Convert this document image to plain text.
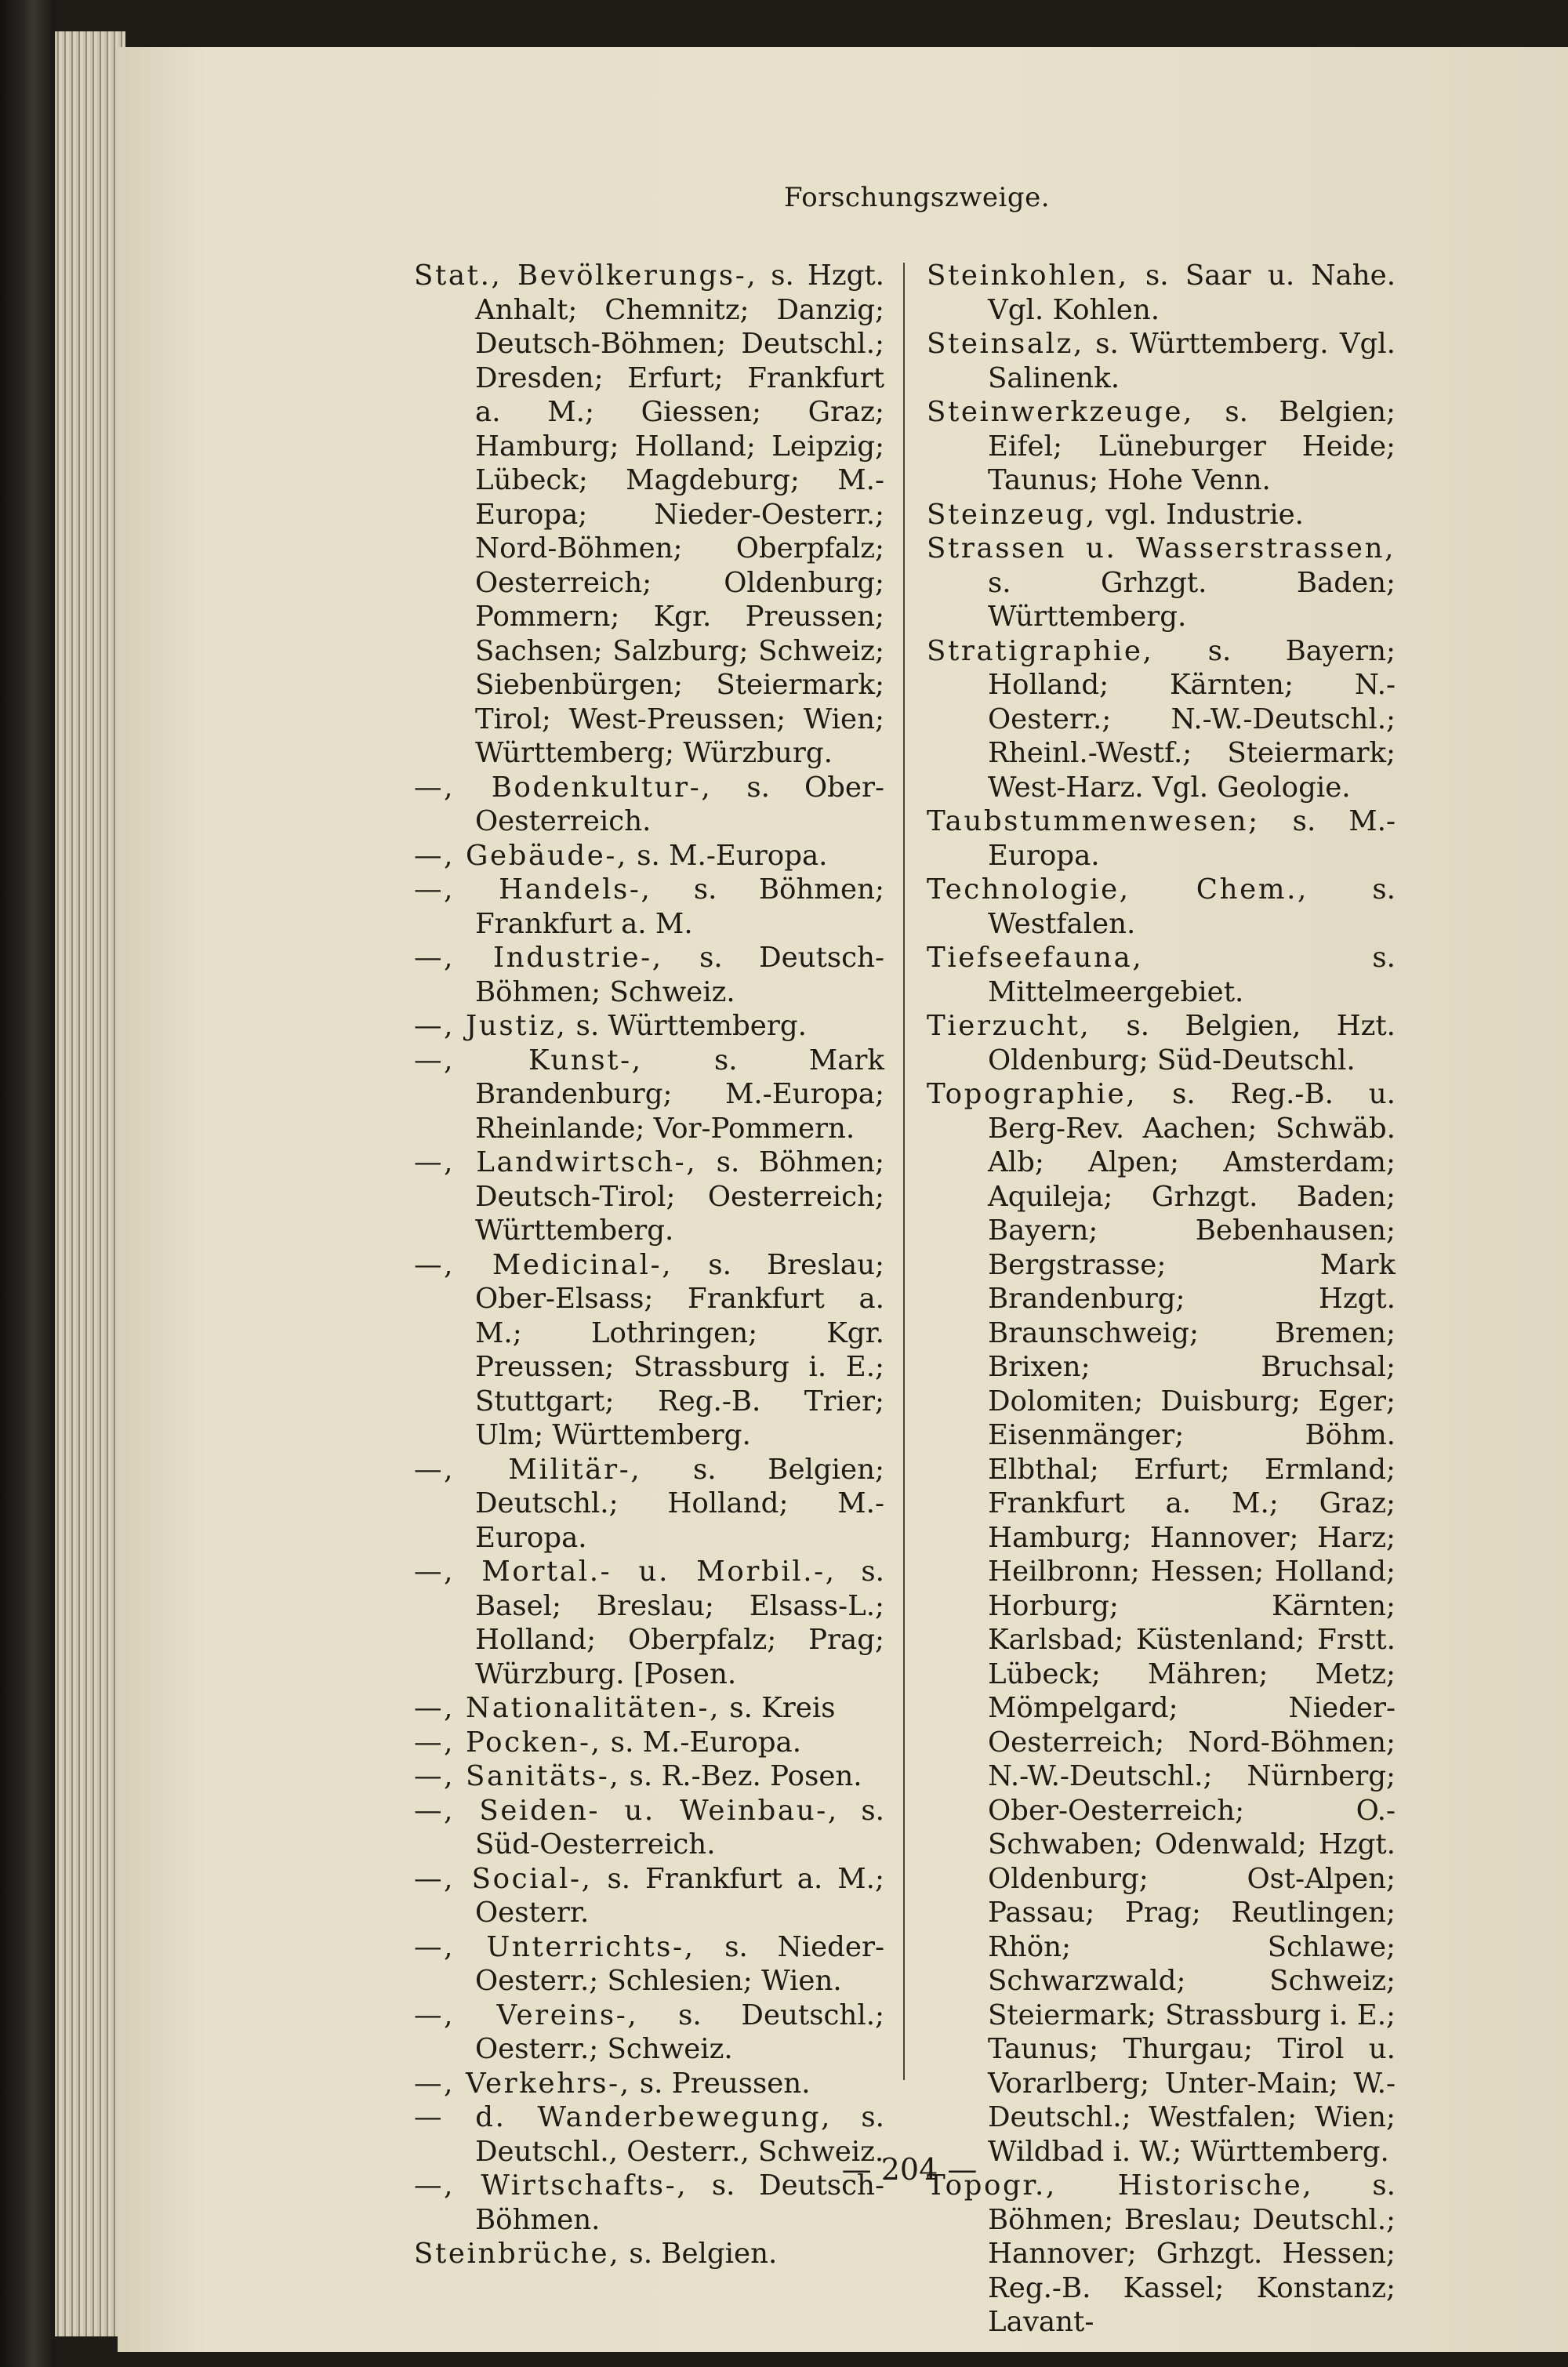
Forschungszweige.

Stat., Bevölkerungs-, s. Hzgt. Anhalt; Chemnitz; Danzig; Deutsch-Böhmen; Deutschl.; Dresden; Erfurt; Frankfurt a. M.; Giessen; Graz; Hamburg; Holland; Leipzig; Lübeck; Magdeburg; M.-Europa; Nieder-Oesterr.; Nord-Böhmen; Oberpfalz; Oesterreich; Oldenburg; Pommern; Kgr. Preussen; Sachsen; Salzburg; Schweiz; Siebenbürgen; Steiermark; Tirol; West-Preussen; Wien; Württemberg; Würzburg.

—, Bodenkultur-, s. Ober-Oesterreich.

—, Gebäude-, s. M.-Europa.

—, Handels-, s. Böhmen; Frankfurt a. M.

—, Industrie-, s. Deutsch-Böhmen; Schweiz.

—, Justiz, s. Württemberg.

—, Kunst-, s. Mark Brandenburg; M.-Europa; Rheinlande; Vor-Pommern.

—, Landwirtsch-, s. Böhmen; Deutsch-Tirol; Oesterreich; Württemberg.

—, Medicinal-, s. Breslau; Ober-Elsass; Frankfurt a. M.; Lothringen; Kgr. Preussen; Strassburg i. E.; Stuttgart; Reg.-B. Trier; Ulm; Württemberg.

—, Militär-, s. Belgien; Deutschl.; Holland; M.-Europa.

—, Mortal.- u. Morbil.-, s. Basel; Breslau; Elsass-L.; Holland; Oberpfalz; Prag; Würzburg. [Posen.

—, Nationalitäten-, s. Kreis

—, Pocken-, s. M.-Europa.

—, Sanitäts-, s. R.-Bez. Posen.

—, Seiden- u. Weinbau-, s. Süd-Oesterreich.

—, Social-, s. Frankfurt a. M.; Oesterr.

—, Unterrichts-, s. Nieder-Oesterr.; Schlesien; Wien.

—, Vereins-, s. Deutschl.; Oesterr.; Schweiz.

—, Verkehrs-, s. Preussen.

— d. Wanderbewegung, s. Deutschl., Oesterr., Schweiz.

—, Wirtschafts-, s. Deutsch-Böhmen.

Steinbrüche, s. Belgien.

Steinkohlen, s. Saar u. Nahe. Vgl. Kohlen.

Steinsalz, s. Württemberg. Vgl. Salinenk.

Steinwerkzeuge, s. Belgien; Eifel; Lüneburger Heide; Taunus; Hohe Venn.

Steinzeug, vgl. Industrie.

Strassen u. Wasserstrassen, s. Grhzgt. Baden; Württemberg.

Stratigraphie, s. Bayern; Holland; Kärnten; N.-Oesterr.; N.-W.-Deutschl.; Rheinl.-Westf.; Steiermark; West-Harz. Vgl. Geologie.

Taubstummenwesen; s. M.-Europa.

Technologie, Chem., s. Westfalen.

Tiefseefauna, s. Mittelmeergebiet.

Tierzucht, s. Belgien, Hzt. Oldenburg; Süd-Deutschl.

Topographie, s. Reg.-B. u. Berg-Rev. Aachen; Schwäb. Alb; Alpen; Amsterdam; Aquileja; Grhzgt. Baden; Bayern; Bebenhausen; Bergstrasse; Mark Brandenburg; Hzgt. Braunschweig; Bremen; Brixen; Bruchsal; Dolomiten; Duisburg; Eger; Eisenmänger; Böhm. Elbthal; Erfurt; Ermland; Frankfurt a. M.; Graz; Hamburg; Hannover; Harz; Heilbronn; Hessen; Holland; Horburg; Kärnten; Karlsbad; Küstenland; Frstt. Lübeck; Mähren; Metz; Mömpelgard; Nieder-Oesterreich; Nord-Böhmen; N.-W.-Deutschl.; Nürnberg; Ober-Oesterreich; O.-Schwaben; Odenwald; Hzgt. Oldenburg; Ost-Alpen; Passau; Prag; Reutlingen; Rhön; Schlawe; Schwarzwald; Schweiz; Steiermark; Strassburg i. E.; Taunus; Thurgau; Tirol u. Vorarlberg; Unter-Main; W.-Deutschl.; Westfalen; Wien; Wildbad i. W.; Württemberg.

Topogr., Historische, s. Böhmen; Breslau; Deutschl.; Hannover; Grhzgt. Hessen; Reg.-B. Kassel; Konstanz; Lavant-

— 204 —
